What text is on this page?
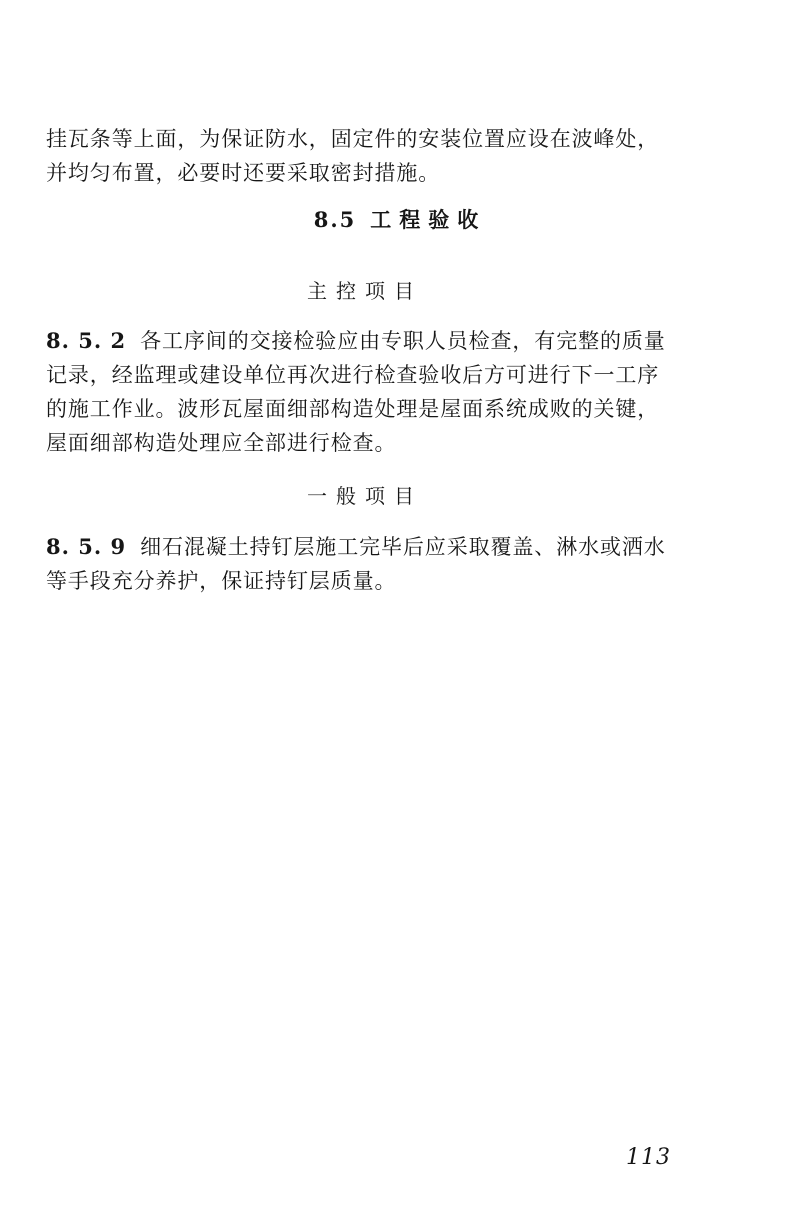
挂瓦条等上面，为保证防水，固定件的安装位置应设在波峰处，
并均匀布置，必要时还要采取密封措施。
8.5 工程验收
主控项目
8. 5. 2 各工序间的交接检验应由专职人员检查，有完整的质量
记录，经监理或建设单位再次进行检查验收后方可进行下一工序
的施工作业。波形瓦屋面细部构造处理是屋面系统成败的关键，
屋面细部构造处理应全部进行检查。
一般项目
8. 5. 9 细石混凝土持钉层施工完毕后应采取覆盖、淋水或洒水
等手段充分养护，保证持钉层质量。
113
